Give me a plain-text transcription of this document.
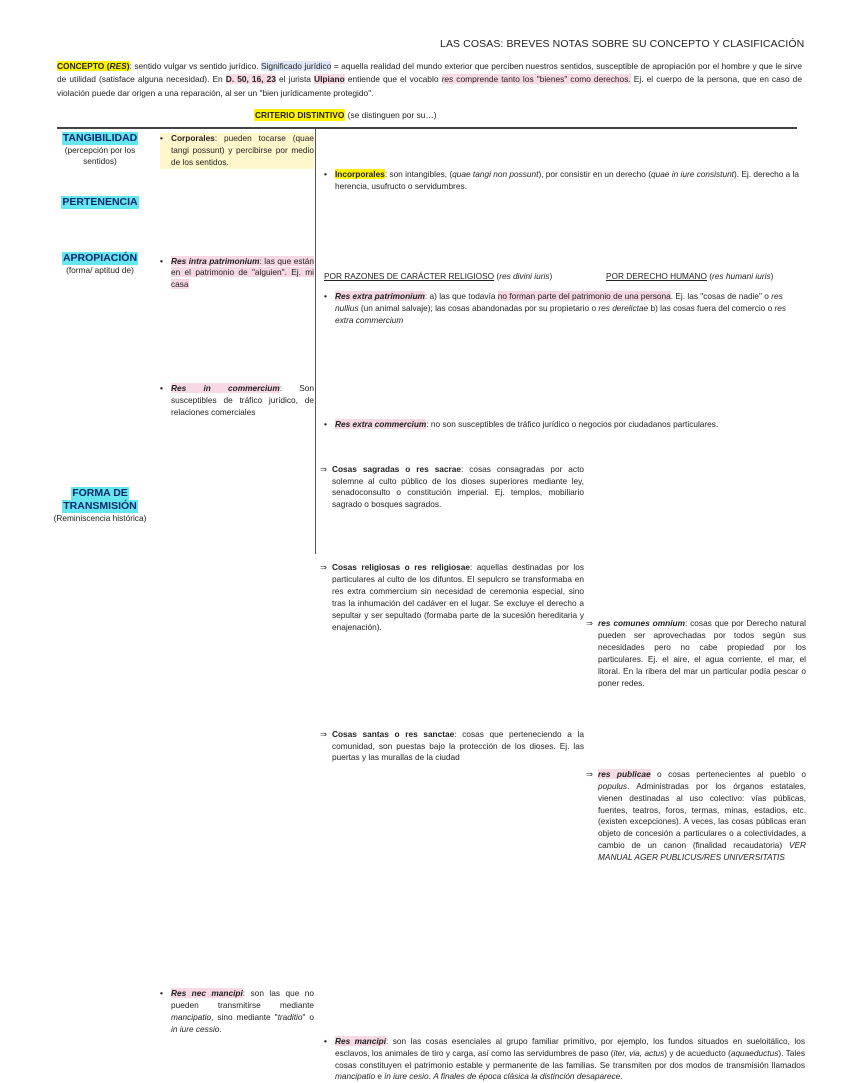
LAS COSAS: BREVES NOTAS SOBRE SU CONCEPTO Y CLASIFICACIÓN

CONCEPTO (RES): sentido vulgar vs sentido jurídico. Significado jurídico = aquella realidad del mundo exterior que perciben nuestros sentidos, susceptible de apropiación por el hombre y que le sirve de utilidad (satisface alguna necesidad). En D. 50, 16, 23 el jurista Ulpiano entiende que el vocablo res comprende tanto los "bienes" como derechos. Ej. el cuerpo de la persona, que en caso de violación puede dar origen a una reparación, al ser un "bien jurídicamente protegido".

CRITERIO DISTINTIVO (se distinguen por su…)
TANGIBILIDAD
(percepción por los sentidos)
• Corporales: pueden tocarse (quae tangi possunt) y percibirse por medio de los sentidos.
• Incorporales: son intangibles, (quae tangi non possunt), por consistir en un derecho (quae in iure consistunt). Ej. derecho a la herencia, usufructo o servidumbres.
PERTENENCIA
• Res intra patrimonium: las que están en el patrimonio de "alguien". Ej. mi casa
• Res extra patrimonium: a) las que todavía no forman parte del patrimonio de una persona. Ej. las "cosas de nadie" o res nullius (un animal salvaje); las cosas abandonadas por su propietario o res derelictae b) las cosas fuera del comercio o res extra commercium
APROPIACIÓN
(forma/ aptitud de)
• Res in commercium: Son susceptibles de tráfico jurídico, de relaciones comerciales
• Res extra commercium: no son susceptibles de tráfico jurídico o negocios por ciudadanos particulares.
POR RAZONES DE CARÁCTER RELIGIOSO (res divini iuris)
⇒ Cosas sagradas o res sacrae: cosas consagradas por acto solemne al culto público de los dioses superiores mediante ley, senadoconsulto o constitución imperial. Ej. templos, mobiliario sagrado o bosques sagrados.
⇒ Cosas religiosas o res religiosae: aquellas destinadas por los particulares al culto de los difuntos. El sepulcro se transformaba en res extra commercium sin necesidad de ceremonia especial, sino tras la inhumación del cadáver en el lugar. Se excluye el derecho a sepultar y ser sepultado (formaba parte de la sucesión hereditaria y enajenación).
⇒ Cosas santas o res sanctae: cosas que perteneciendo a la comunidad, son puestas bajo la protección de los dioses. Ej. las puertas y las murallas de la ciudad
POR DERECHO HUMANO (res humani iuris)
⇒ res comunes omnium: cosas que por Derecho natural pueden ser aprovechadas por todos según sus necesidades pero no cabe propiedad por los particulares. Ej. el aire, el agua corriente, el mar, el litoral. En la ribera del mar un particular podía pescar o poner redes.
⇒ res publicae o cosas pertenecientes al pueblo o populus. Administradas por los órganos estatales, vienen destinadas al uso colectivo: vías públicas, fuentes, teatros, foros, termas, minas, estadios, etc. (existen excepciones). A veces, las cosas públicas eran objeto de concesión a particulares o a colectividades, a cambio de un canon (finalidad recaudatoria) VER MANUAL AGER PUBLICUS/RES UNIVERSITATIS
FORMA DE
TRANSMISIÓN
(Reminiscencia histórica)
• Res nec mancipi: son las que no pueden transmitirse mediante mancipatio, sino mediante "traditio" o in iure cessio.
• Res mancipi: son las cosas esenciales al grupo familiar primitivo, por ejemplo, los fundos situados en sueloitálico, los esclavos, los animales de tiro y carga, así como las servidumbres de paso (iter, via, actus) y de acueducto (aquaeductus). Tales cosas constituyen el patrimonio estable y permanente de las familias. Se transmiten por dos modos de transmisión llamados mancipatio e in iure cesio. A finales de época clásica la distinción desaparece.
